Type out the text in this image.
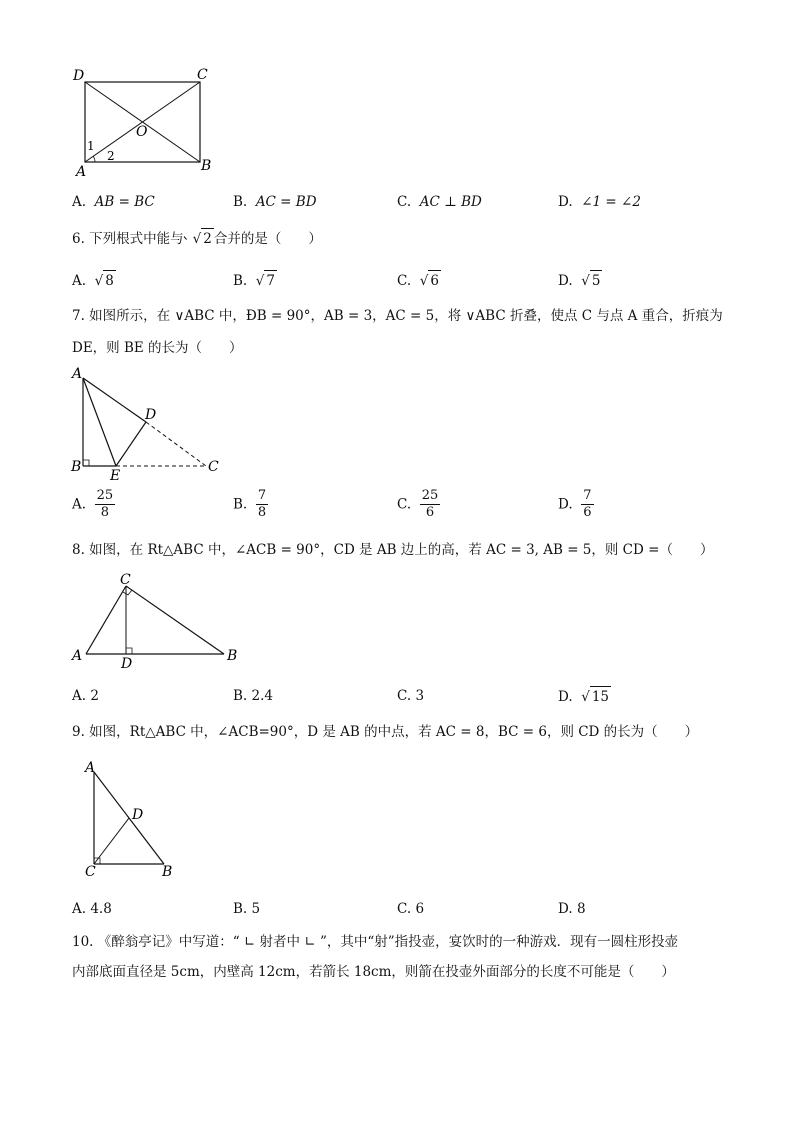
D	C
O
A	B
1
2
A. AB = BC	B. AC = BD	C. AC ⊥ BD	D. ∠1 = ∠2
6. 下列根式中能与 √ 2 合并的是（　　）
A.  √ 8	B.  √ 7	C.  √ 6	D.  √ 5
7. 如图所示，在 ∨ABC 中，ÐB = 90°，AB = 3，AC = 5，将 ∨ABC 折叠，使点 C 与点 A 重合，折痕为
DE，则 BE 的长为（　　）
A
D
B
E
C
A. $\frac{25}{8}$	B. $\frac{7}{8}$	C. $\frac{25}{6}$	D. $\frac{7}{6}$
8. 如图，在 Rt△ABC 中，∠ACB = 90°，CD 是 AB 边上的高，若 AC = 3, AB = 5，则 CD =（　　）
C
A	D	B
A. 2	B. 2.4	C. 3	D.  √ 15
9. 如图，Rt△ABC 中，∠ACB=90°，D 是 AB 的中点，若 AC = 8，BC = 6，则 CD 的长为（　　）
A
D
C	B
A. 4.8	B. 5	C. 6	D. 8
10. 《醉翁亭记》中写道：“ ∟ 射者中 ∟ ”，其中“射”指投壶，宴饮时的一种游戏．现有一圆柱形投壶
内部底面直径是 5cm，内壁高 12cm，若箭长 18cm，则箭在投壶外面部分的长度不可能是（　　）
